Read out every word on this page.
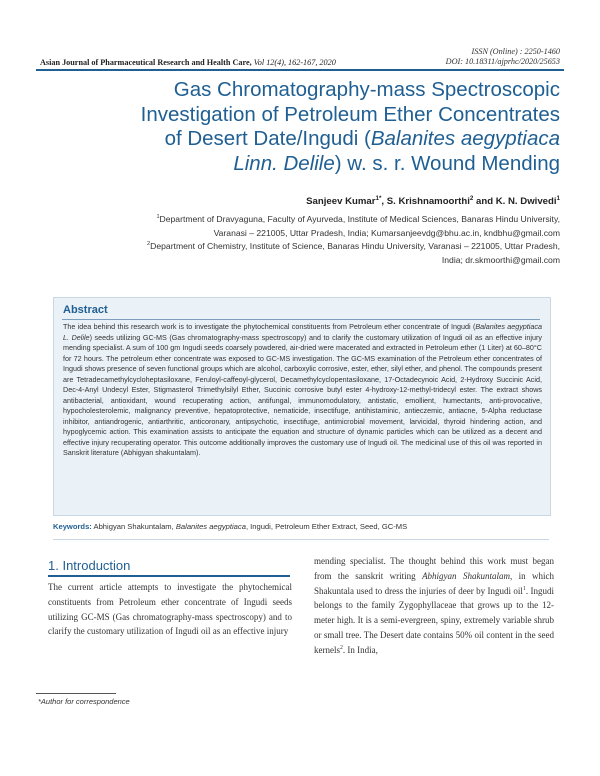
ISSN (Online) : 2250-1460
DOI: 10.18311/ajprhc/2020/25653
Asian Journal of Pharmaceutical Research and Health Care, Vol 12(4), 162-167, 2020
Gas Chromatography-mass Spectroscopic
Investigation of Petroleum Ether Concentrates
of Desert Date/Ingudi (Balanites aegyptiaca
Linn. Delile) w. s. r. Wound Mending
Sanjeev Kumar$^{1*}$, S. Krishnamoorthi$^2$ and K. N. Dwivedi$^1$
$^1$Department of Dravyaguna, Faculty of Ayurveda, Institute of Medical Sciences, Banaras Hindu University,
Varanasi – 221005, Uttar Pradesh, India; Kumarsanjeevdg@bhu.ac.in, kndbhu@gmail.com
$^2$Department of Chemistry, Institute of Science, Banaras Hindu University, Varanasi – 221005, Uttar Pradesh,
India; dr.skmoorthi@gmail.com
Abstract
The idea behind this research work is to investigate the phytochemical constituents from Petroleum ether concentrate of Ingudi (Balanites aegyptiaca L. Delile) seeds utilizing GC-MS (Gas chromatography-mass spectroscopy) and to clarify the customary utilization of Ingudi oil as an effective injury mending specialist. A sum of 100 gm Ingudi seeds coarsely powdered, air-dried were macerated and extracted in Petroleum ether (1 Liter) at 60–80°C for 72 hours. The petroleum ether concentrate was exposed to GC-MS investigation. The GC-MS examination of the Petroleum ether concentrates of Ingudi shows presence of seven functional groups which are alcohol, carboxylic corrosive, ester, ether, silyl ether, and phenol. The compounds present are Tetradecamethylcycloheptasiloxane, Feruloyl-caffeoyl-glycerol, Decamethylcyclopentasiloxane, 17-Octadecynoic Acid, 2-Hydroxy Succinic Acid, Dec-4-Anyl Undecyl Ester, Stigmasterol Trimethylsilyl Ether, Succinic corrosive butyl ester 4-hydroxy-12-methyl-tridecyl ester. The extract shows antibacterial, antioxidant, wound recuperating action, antifungal, immunomodulatory, antistatic, emollient, humectants, anti-provocative, hypocholesterolemic, malignancy preventive, hepatoprotective, nematicide, insectifuge, antihistaminic, antieczemic, antiacne, 5-Alpha reductase inhibitor, antiandrogenic, antiarthritic, anticoronary, antipsychotic, insectifuge, antimicrobial movement, larvicidal, thyroid hindering action, and hypoglycemic action. This examination assists to anticipate the equation and structure of dynamic particles which can be utilized as a decent and effective injury recuperating operator. This outcome additionally improves the customary use of Ingudi oil. The medicinal use of this oil was reported in Sanskrit literature (Abhigyan shakuntalam).
Keywords: Abhigyan Shakuntalam, Balanites aegyptiaca, Ingudi, Petroleum Ether Extract, Seed, GC-MS
1. Introduction
The current article attempts to investigate the phytochemical constituents from Petroleum ether concentrate of Ingudi seeds utilizing GC-MS (Gas chromatography-mass spectroscopy) and to clarify the customary utilization of Ingudi oil as an effective injury
mending specialist. The thought behind this work must began from the sanskrit writing Abhigyan Shakuntalam, in which Shakuntala used to dress the injuries of deer by Ingudi oil$^1$. Ingudi belongs to the family Zygophyllaceae that grows up to the 12-meter high. It is a semi-evergreen, spiny, extremely variable shrub or small tree. The Desert date contains 50% oil content in the seed kernels$^2$. In India,
*Author for correspondence
